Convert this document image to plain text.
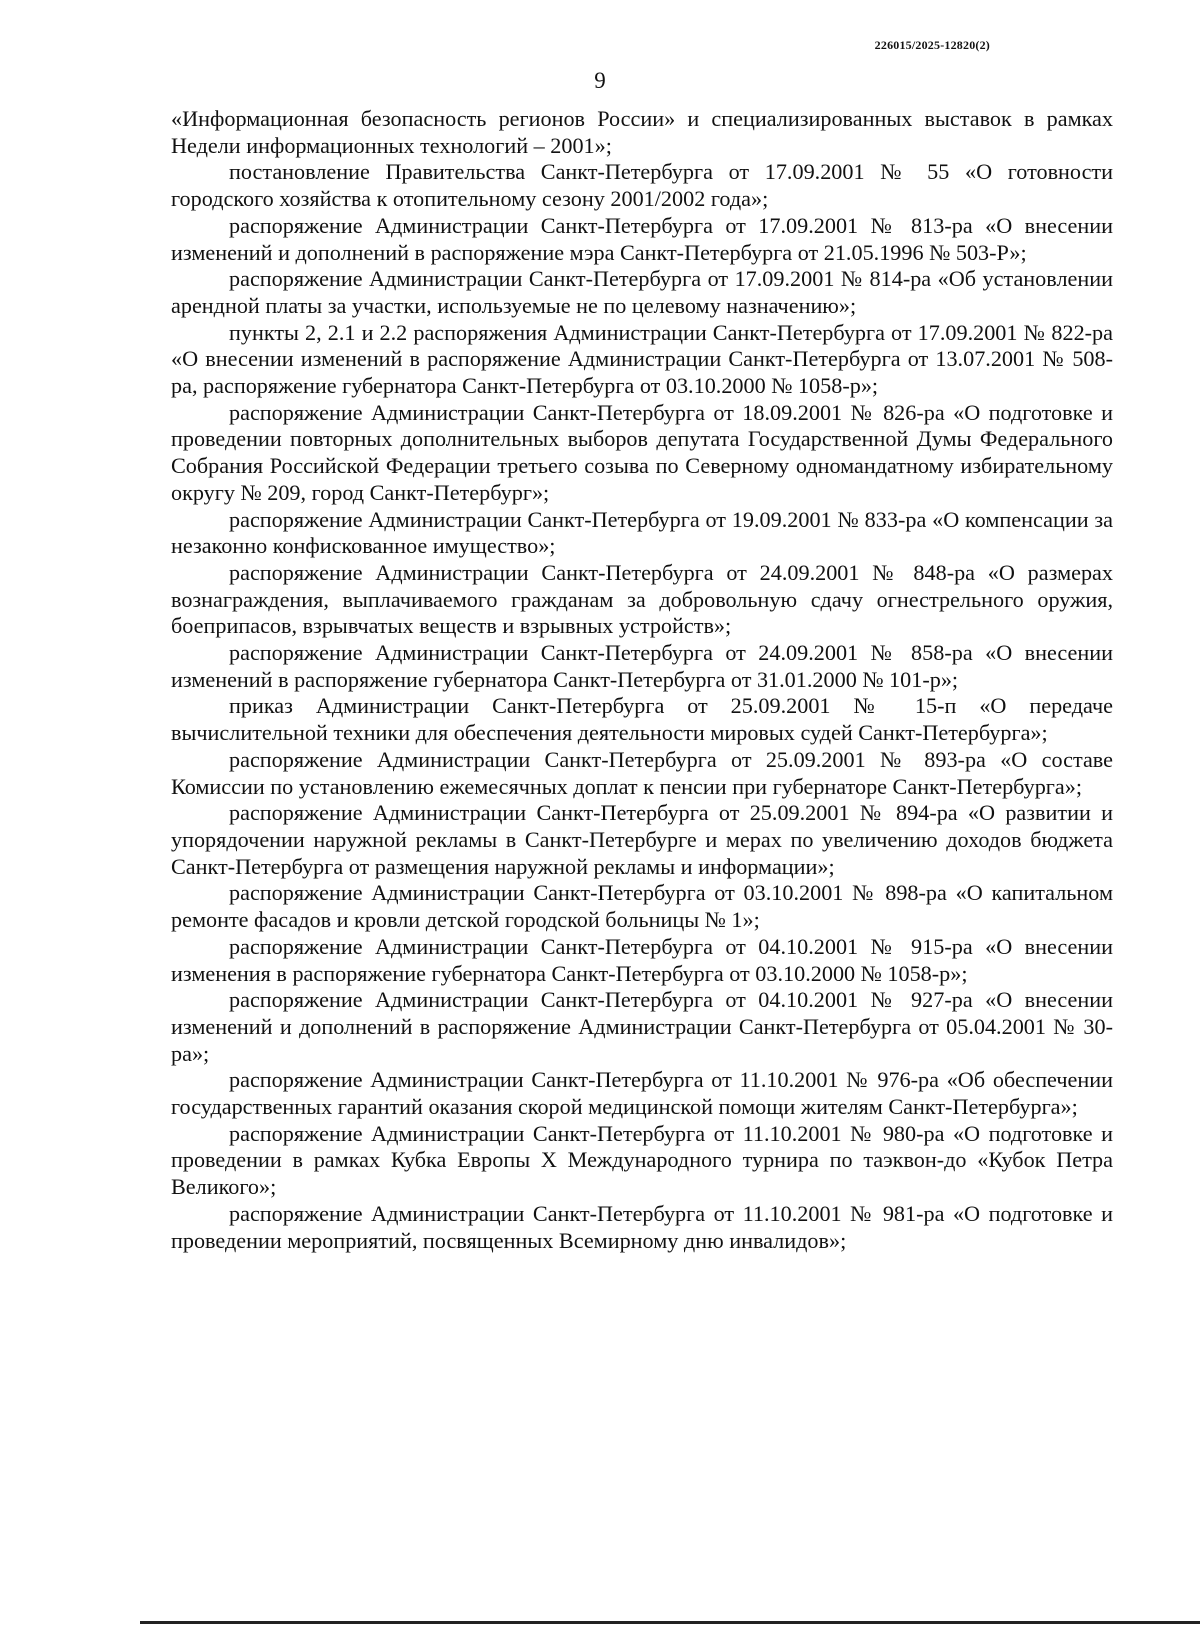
226015/2025-12820(2)
9

«Информационная безопасность регионов России» и специализированных выставок в рамках Недели информационных технологий – 2001»;

постановление Правительства Санкт-Петербурга от 17.09.2001 № 55 «О готовности городского хозяйства к отопительному сезону 2001/2002 года»;

распоряжение Администрации Санкт-Петербурга от 17.09.2001 № 813-ра «О внесении изменений и дополнений в распоряжение мэра Санкт-Петербурга от 21.05.1996 № 503-Р»;

распоряжение Администрации Санкт-Петербурга от 17.09.2001 № 814-ра «Об установлении арендной платы за участки, используемые не по целевому назначению»;

пункты 2, 2.1 и 2.2 распоряжения Администрации Санкт-Петербурга от 17.09.2001 № 822-ра «О внесении изменений в распоряжение Администрации Санкт-Петербурга от 13.07.2001 № 508-ра, распоряжение губернатора Санкт-Петербурга от 03.10.2000 № 1058-р»;

распоряжение Администрации Санкт-Петербурга от 18.09.2001 № 826-ра «О подготовке и проведении повторных дополнительных выборов депутата Государственной Думы Федерального Собрания Российской Федерации третьего созыва по Северному одномандатному избирательному округу № 209, город Санкт-Петербург»;

распоряжение Администрации Санкт-Петербурга от 19.09.2001 № 833-ра «О компенсации за незаконно конфискованное имущество»;

распоряжение Администрации Санкт-Петербурга от 24.09.2001 № 848-ра «О размерах вознаграждения, выплачиваемого гражданам за добровольную сдачу огнестрельного оружия, боеприпасов, взрывчатых веществ и взрывных устройств»;

распоряжение Администрации Санкт-Петербурга от 24.09.2001 № 858-ра «О внесении изменений в распоряжение губернатора Санкт-Петербурга от 31.01.2000 № 101-р»;

приказ Администрации Санкт-Петербурга от 25.09.2001 № 15-п «О передаче вычислительной техники для обеспечения деятельности мировых судей Санкт-Петербурга»;

распоряжение Администрации Санкт-Петербурга от 25.09.2001 № 893-ра «О составе Комиссии по установлению ежемесячных доплат к пенсии при губернаторе Санкт-Петербурга»;

распоряжение Администрации Санкт-Петербурга от 25.09.2001 № 894-ра «О развитии и упорядочении наружной рекламы в Санкт-Петербурге и мерах по увеличению доходов бюджета Санкт-Петербурга от размещения наружной рекламы и информации»;

распоряжение Администрации Санкт-Петербурга от 03.10.2001 № 898-ра «О капитальном ремонте фасадов и кровли детской городской больницы № 1»;

распоряжение Администрации Санкт-Петербурга от 04.10.2001 № 915-ра «О внесении изменения в распоряжение губернатора Санкт-Петербурга от 03.10.2000 № 1058-р»;

распоряжение Администрации Санкт-Петербурга от 04.10.2001 № 927-ра «О внесении изменений и дополнений в распоряжение Администрации Санкт-Петербурга от 05.04.2001 № 30-ра»;

распоряжение Администрации Санкт-Петербурга от 11.10.2001 № 976-ра «Об обеспечении государственных гарантий оказания скорой медицинской помощи жителям Санкт-Петербурга»;

распоряжение Администрации Санкт-Петербурга от 11.10.2001 № 980-ра «О подготовке и проведении в рамках Кубка Европы X Международного турнира по таэквон-до «Кубок Петра Великого»;

распоряжение Администрации Санкт-Петербурга от 11.10.2001 № 981-ра «О подготовке и проведении мероприятий, посвященных Всемирному дню инвалидов»;
